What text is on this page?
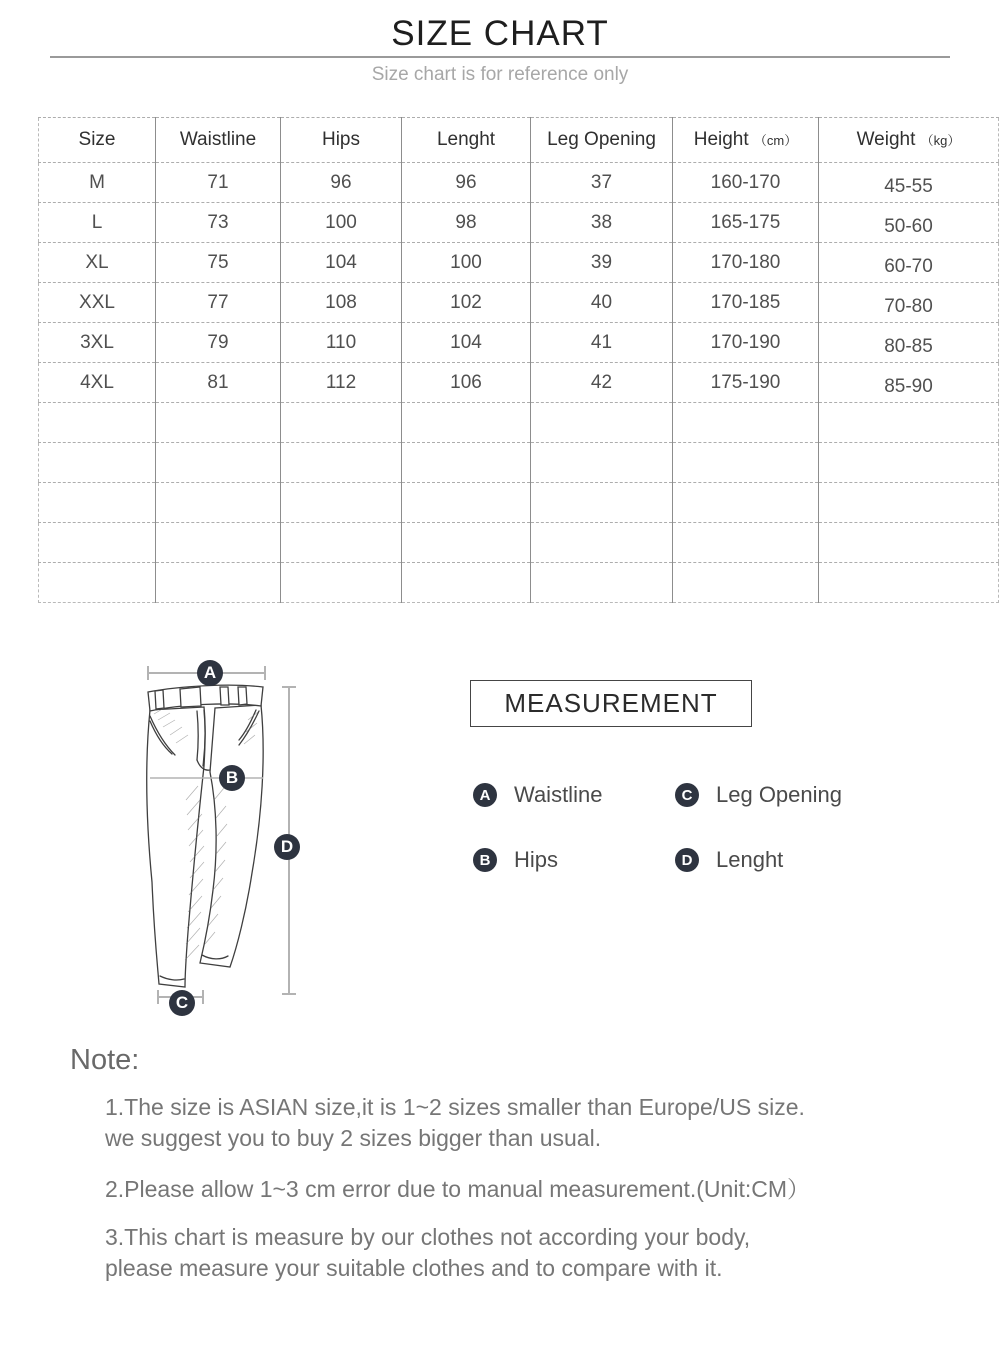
SIZE CHART

Size chart is for reference only

Size	Waistline	Hips	Lenght	Leg Opening	Height （cm）	Weight （kg）
M	71	96	96	37	160-170	45-55
L	73	100	98	38	165-175	50-60
XL	75	104	100	39	170-180	60-70
XXL	77	108	102	40	170-185	70-80
3XL	79	110	104	41	170-190	80-85
4XL	81	112	106	42	175-190	85-90

A
B
C
D
MEASUREMENT
A Waistline	C Leg Opening
B Hips	D Lenght
Note:
1.The size is ASIAN size,it is 1~2 sizes smaller than Europe/US size.
we suggest you to buy 2 sizes bigger than usual.
2.Please allow 1~3 cm error due to manual measurement.(Unit:CM）
3.This chart is measure by our clothes not according your body,
please measure your suitable clothes and to compare with it.
